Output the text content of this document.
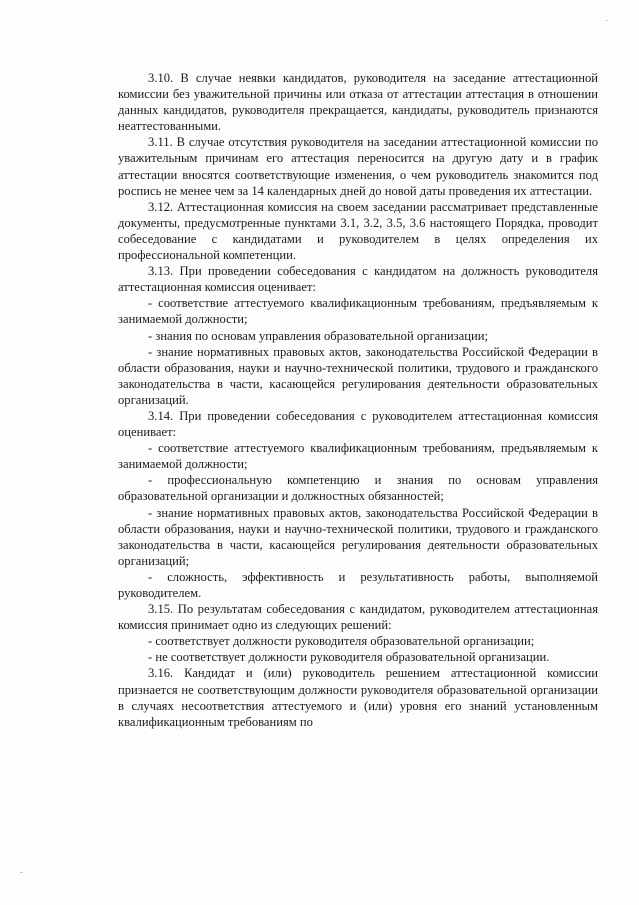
3.10. В случае неявки кандидатов, руководителя на заседание аттестационной комиссии без уважительной причины или отказа от аттестации аттестация в отношении данных кандидатов, руководителя прекращается, кандидаты, руководитель признаются неаттестованными.

3.11. В случае отсутствия руководителя на заседании аттестационной комиссии по уважительным причинам его аттестация переносится на другую дату и в график аттестации вносятся соответствующие изменения, о чем руководитель знакомится под роспись не менее чем за 14 календарных дней до новой даты проведения их аттестации.

3.12. Аттестационная комиссия на своем заседании рассматривает представленные документы, предусмотренные пунктами 3.1, 3.2, 3.5, 3.6 настоящего Порядка, проводит собеседование с кандидатами и руководителем в целях определения их профессиональной компетенции.

3.13. При проведении собеседования с кандидатом на должность руководителя аттестационная комиссия оценивает:

- соответствие аттестуемого квалификационным требованиям, предъявляемым к занимаемой должности;

- знания по основам управления образовательной организации;

- знание нормативных правовых актов, законодательства Российской Федерации в области образования, науки и научно-технической политики, трудового и гражданского законодательства в части, касающейся регулирования деятельности образовательных организаций.

3.14. При проведении собеседования с руководителем аттестационная комиссия оценивает:

- соответствие аттестуемого квалификационным требованиям, предъявляемым к занимаемой должности;

- профессиональную компетенцию и знания по основам управления образовательной организации и должностных обязанностей;

- знание нормативных правовых актов, законодательства Российской Федерации в области образования, науки и научно-технической политики, трудового и гражданского законодательства в части, касающейся регулирования деятельности образовательных организаций;

- сложность, эффективность и результативность работы, выполняемой руководителем.

3.15. По результатам собеседования с кандидатом, руководителем аттестационная комиссия принимает одно из следующих решений:

- соответствует должности руководителя образовательной организации;

- не соответствует должности руководителя образовательной организации.

3.16. Кандидат и (или) руководитель решением аттестационной комиссии признается не соответствующим должности руководителя образовательной организации в случаях несоответствия аттестуемого и (или) уровня его знаний установленным квалификационным требованиям по
